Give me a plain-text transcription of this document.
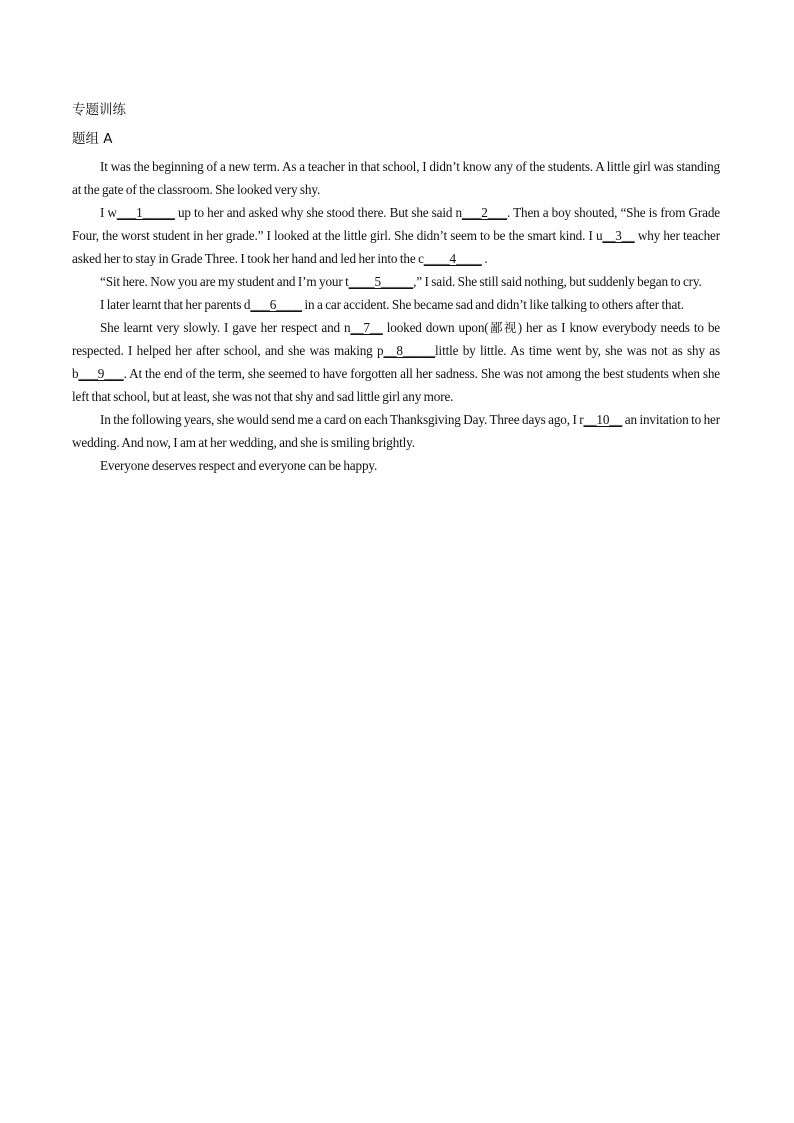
专题训练

题组 A

It was the beginning of a new term. As a teacher in that school, I didn’t know any of the students. A little girl was standing at the gate of the classroom. She looked very shy.

I w___1_____ up to her and asked why she stood there. But she said n___2___. Then a boy shouted, “She is from Grade Four, the worst student in her grade.” I looked at the little girl. She didn’t seem to be the smart kind. I u__3__ why her teacher asked her to stay in Grade Three. I took her hand and led her into the c____4____ .

“Sit here. Now you are my student and I’m your t____5_____,” I said. She still said nothing, but suddenly began to cry.

I later learnt that her parents d___6____ in a car accident. She became sad and didn’t like talking to others after that.

She learnt very slowly. I gave her respect and n__7__ looked down upon(鄙视) her as I know everybody needs to be respected. I helped her after school, and she was making p__8_____little by little. As time went by, she was not as shy as b___9___. At the end of the term, she seemed to have forgotten all her sadness. She was not among the best students when she left that school, but at least, she was not that shy and sad little girl any more.

In the following years, she would send me a card on each Thanksgiving Day. Three days ago, I r__10__ an invitation to her wedding. And now, I am at her wedding, and she is smiling brightly.

Everyone deserves respect and everyone can be happy.
